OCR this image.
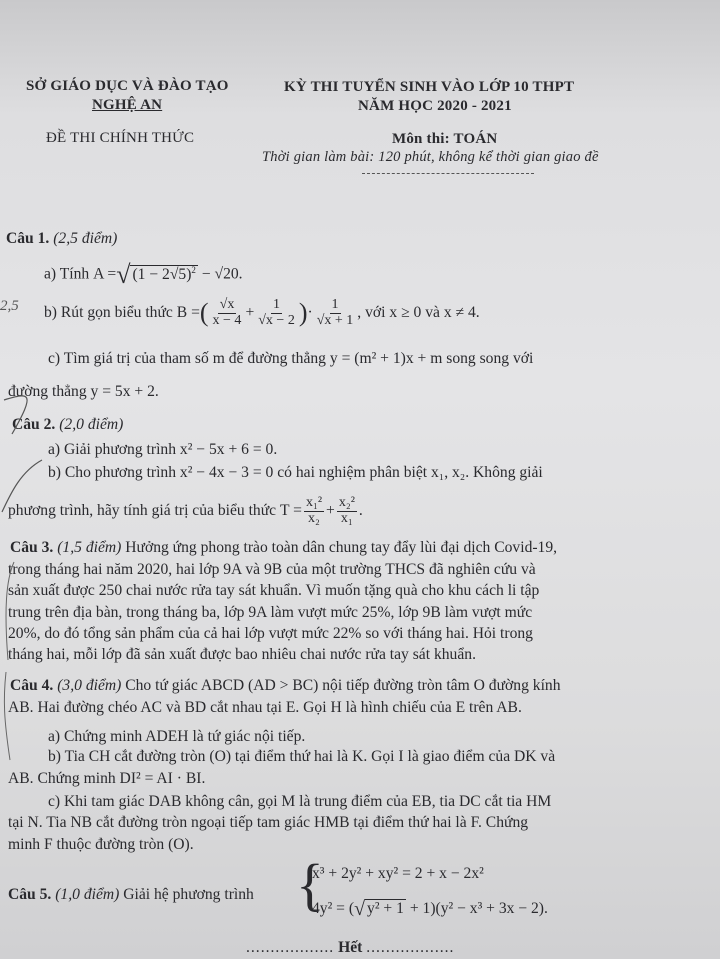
SỞ GIÁO DỤC VÀ ĐÀO TẠO
NGHỆ AN
KỲ THI TUYỂN SINH VÀO LỚP 10 THPT
NĂM HỌC 2020 - 2021
ĐỀ THI CHÍNH THỨC	Môn thi: TOÁN
Thời gian làm bài: 120 phút, không kể thời gian giao đề
Câu 1. (2,5 điểm)
a) Tính A =√ $(1 - 2√5)^2 - √20$.
2,5 b) Rút gọn biểu thức B =( $\frac{√x}{x - 4} + \frac{1}{√x - 2}$ )· $\frac{1}{√x + 1}$ , với x ≥ 0 và x ≠ 4.
c) Tìm giá trị của tham số m để đường thẳng y = (m² + 1)x + m song song với
đường thẳng y = 5x + 2.
Câu 2. (2,0 điểm)
a) Giải phương trình x² − 5x + 6 = 0.
b) Cho phương trình x² − 4x − 3 = 0 có hai nghiệm phân biệt x₁, x₂. Không giải
phương trình, hãy tính giá trị của biểu thức $T = \frac{\text{x₁²}}{\text{x₂}} + \frac{\text{x₂²}}{\text{x₁}}$ .
Câu 3. (1,5 điểm) Hưởng ứng phong trào toàn dân chung tay đẩy lùi đại dịch Covid-19,
trong tháng hai năm 2020, hai lớp 9A và 9B của một trường THCS đã nghiên cứu và
sản xuất được 250 chai nước rửa tay sát khuẩn. Vì muốn tặng quà cho khu cách li tập
trung trên địa bàn, trong tháng ba, lớp 9A làm vượt mức 25%, lớp 9B làm vượt mức
20%, do đó tổng sản phẩm của cả hai lớp vượt mức 22% so với tháng hai. Hỏi trong
tháng hai, mỗi lớp đã sản xuất được bao nhiêu chai nước rửa tay sát khuẩn.
Câu 4. (3,0 điểm) Cho tứ giác ABCD (AD > BC) nội tiếp đường tròn tâm O đường kính
AB. Hai đường chéo AC và BD cắt nhau tại E. Gọi H là hình chiếu của E trên AB.
a) Chứng minh ADEH là tứ giác nội tiếp.
b) Tia CH cắt đường tròn (O) tại điểm thứ hai là K. Gọi I là giao điểm của DK và
AB. Chứng minh DI² = AI · BI.
c) Khi tam giác DAB không cân, gọi M là trung điểm của EB, tia DC cắt tia HM
tại N. Tia NB cắt đường tròn ngoại tiếp tam giác HMB tại điểm thứ hai là F. Chứng
minh F thuộc đường tròn (O).
Câu 5. (1,0 điểm) Giải hệ phương trình {
x³ + 2y² + xy² = 2 + x − 2x²
4y² = (√ y² + 1 + 1)(y² − x³ + 3x − 2).
.................. Hết ..................
